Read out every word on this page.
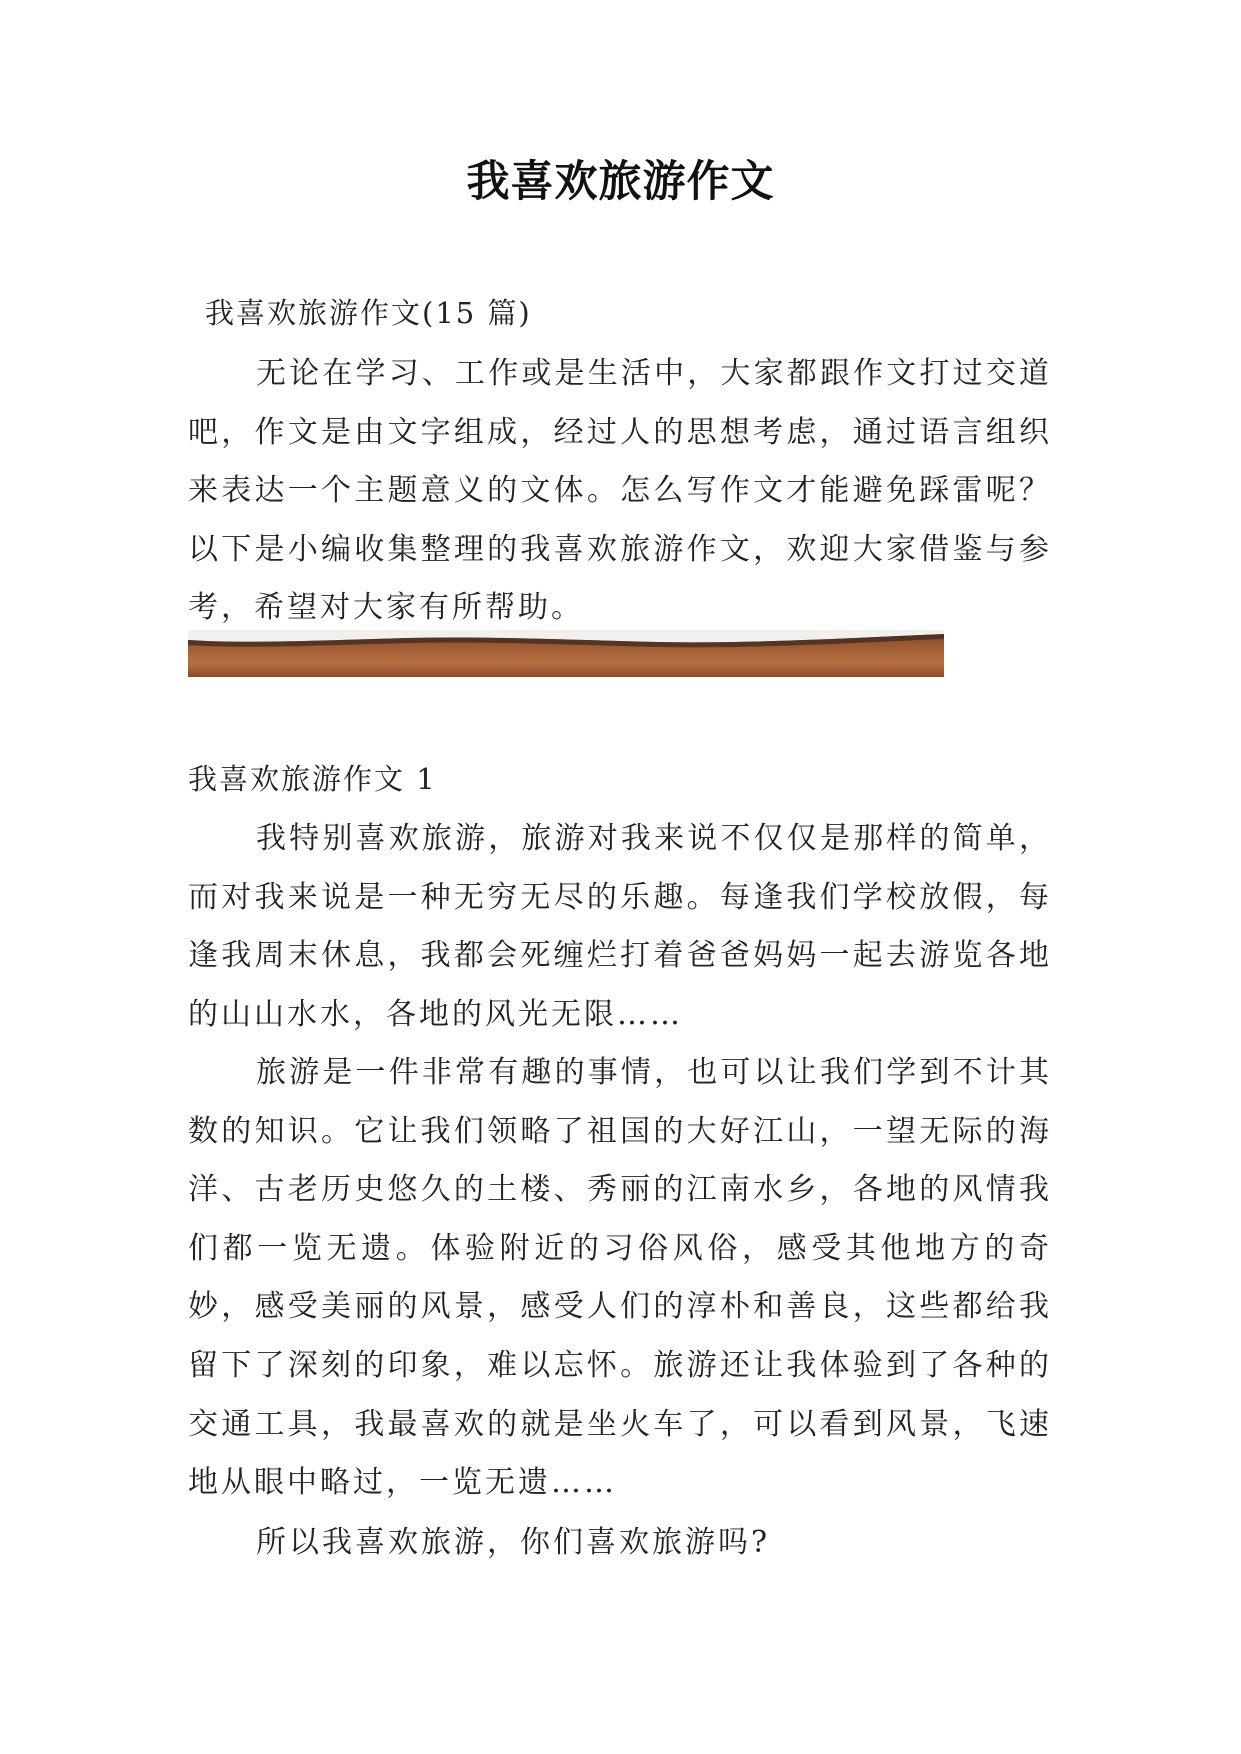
我喜欢旅游作文
我喜欢旅游作文(15 篇)

无论在学习、工作或是生活中，大家都跟作文打过交道吧，作文是由文字组成，经过人的思想考虑，通过语言组织来表达一个主题意义的文体。怎么写作文才能避免踩雷呢？以下是小编收集整理的我喜欢旅游作文，欢迎大家借鉴与参考，希望对大家有所帮助。

我喜欢旅游作文 1

我特别喜欢旅游，旅游对我来说不仅仅是那样的简单，而对我来说是一种无穷无尽的乐趣。每逢我们学校放假，每逢我周末休息，我都会死缠烂打着爸爸妈妈一起去游览各地的山山水水，各地的风光无限……

旅游是一件非常有趣的事情，也可以让我们学到不计其数的知识。它让我们领略了祖国的大好江山，一望无际的海洋、古老历史悠久的土楼、秀丽的江南水乡，各地的风情我们都一览无遗。体验附近的习俗风俗，感受其他地方的奇妙，感受美丽的风景，感受人们的淳朴和善良，这些都给我留下了深刻的印象，难以忘怀。旅游还让我体验到了各种的交通工具，我最喜欢的就是坐火车了，可以看到风景，飞速地从眼中略过，一览无遗……

所以我喜欢旅游，你们喜欢旅游吗?
